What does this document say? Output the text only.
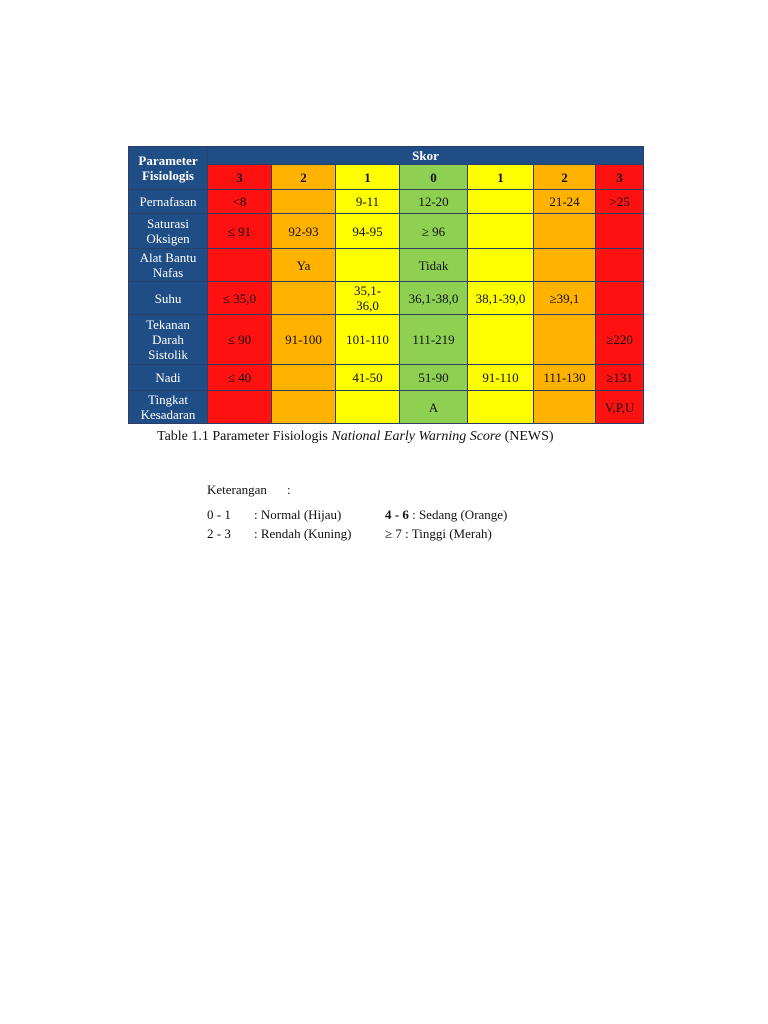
Parameter
Fisiologis	Skor						
	3	2	1	0	1	2	3

Pernafasan	<8		9-11	12-20		21-24	>25

Saturasi
Oksigen	≤ 91	92-93	94-95	≥ 96			

Alat Bantu
Nafas		Ya		Tidak			

Suhu	≤ 35,0		35,1-
36,0	36,1-38,0	38,1-39,0	≥39,1	

Tekanan
Darah
Sistolik	≤ 90	91-100	101-110	111-219			≥220

Nadi	≤ 40		41-50	51-90	91-110	111-130	≥131

Tingkat
Kesadaran				A			V,P,U
Table 1.1 Parameter Fisiologis National Early Warning Score (NEWS)
Keterangan :
0 - 1 : Normal (Hijau)	4 - 6 : Sedang (Orange)
2 - 3 : Rendah (Kuning)	≥ 7 : Tinggi (Merah)
